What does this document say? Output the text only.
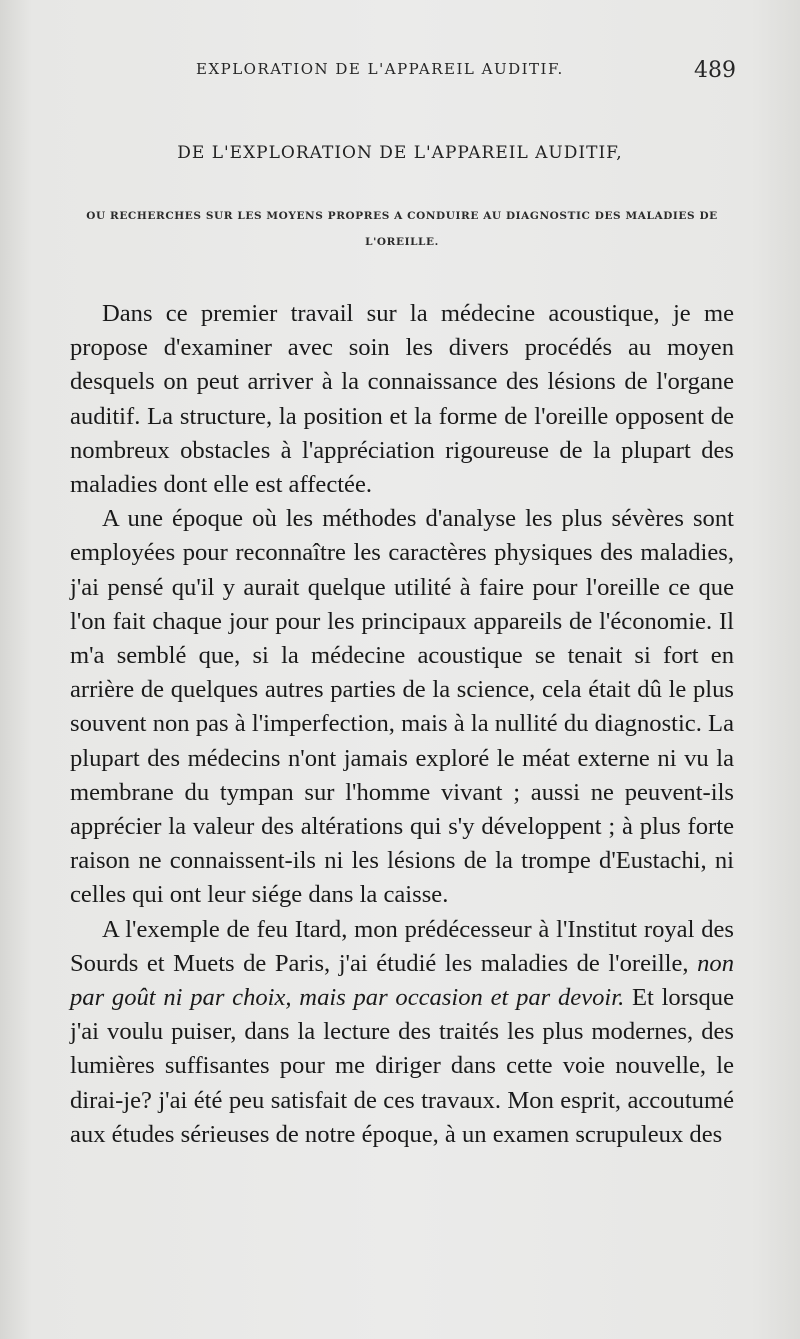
EXPLORATION DE L'APPAREIL AUDITIF.	489
DE L'EXPLORATION DE L'APPAREIL AUDITIF,
OU RECHERCHES SUR LES MOYENS PROPRES A CONDUIRE AU DIAGNOSTIC DES MALADIES DE L'OREILLE.

Dans ce premier travail sur la médecine acoustique, je me propose d'examiner avec soin les divers procédés au moyen desquels on peut arriver à la connaissance des lésions de l'organe auditif. La structure, la position et la forme de l'oreille opposent de nombreux obstacles à l'appréciation rigoureuse de la plupart des maladies dont elle est affectée.

A une époque où les méthodes d'analyse les plus sévères sont employées pour reconnaître les caractères physiques des maladies, j'ai pensé qu'il y aurait quelque utilité à faire pour l'oreille ce que l'on fait chaque jour pour les principaux appareils de l'économie. Il m'a semblé que, si la médecine acoustique se tenait si fort en arrière de quelques autres parties de la science, cela était dû le plus souvent non pas à l'imperfection, mais à la nullité du diagnostic. La plupart des médecins n'ont jamais exploré le méat externe ni vu la membrane du tympan sur l'homme vivant ; aussi ne peuvent-ils apprécier la valeur des altérations qui s'y développent ; à plus forte raison ne connaissent-ils ni les lésions de la trompe d'Eustachi, ni celles qui ont leur siége dans la caisse.

A l'exemple de feu Itard, mon prédécesseur à l'Institut royal des Sourds et Muets de Paris, j'ai étudié les maladies de l'oreille, non par goût ni par choix, mais par occasion et par devoir. Et lorsque j'ai voulu puiser, dans la lecture des traités les plus modernes, des lumières suffisantes pour me diriger dans cette voie nouvelle, le dirai-je? j'ai été peu satisfait de ces travaux. Mon esprit, accoutumé aux études sérieuses de notre époque, à un examen scrupuleux des
